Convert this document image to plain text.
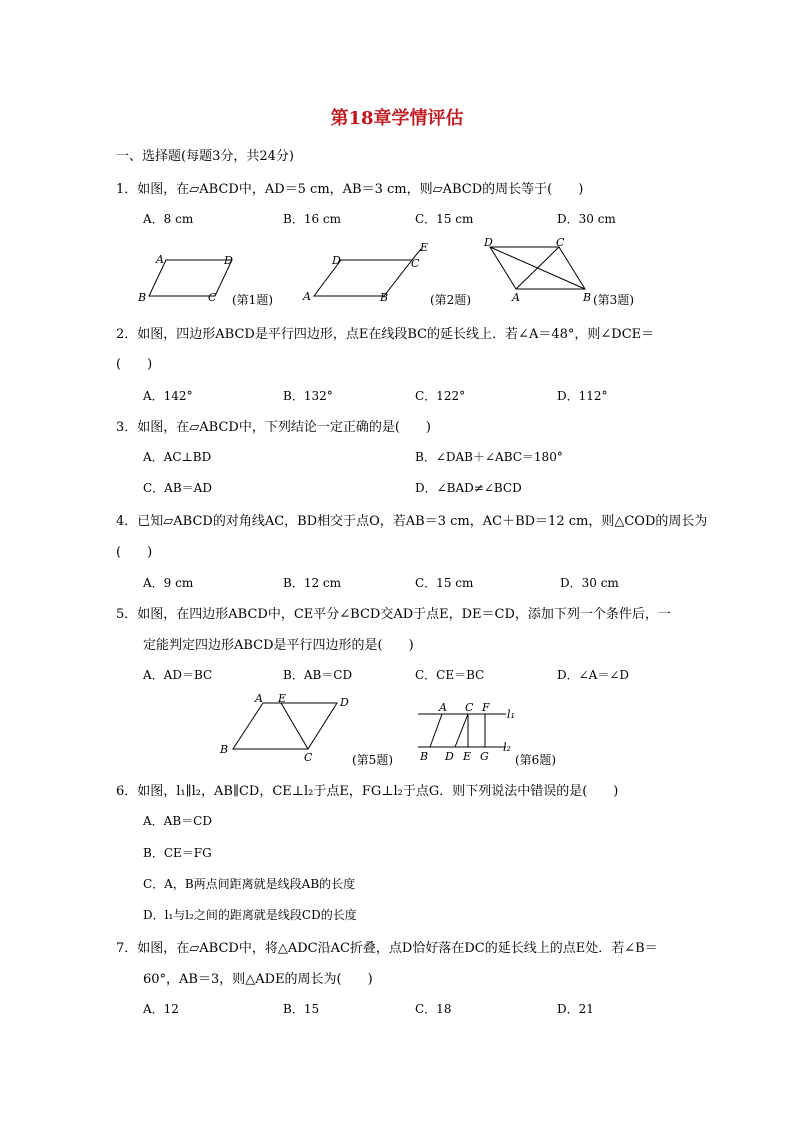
第18章学情评估
一、选择题(每题3分，共24分)
1．如图，在▱ABCD中，AD＝5 cm，AB＝3 cm，则▱ABCD的周长等于(　　)
A．8 cm	B．16 cm	C．15 cm	D．30 cm
A	D
B	C (第1题)
D
E
C
A	B	(第2题)
D	C
A	B (第3题)
2．如图，四边形ABCD是平行四边形，点E在线段BC的延长线上．若∠A＝48°，则∠DCE＝
(　　)
A．142°	B．132°	C．122°	D．112°
3．如图，在▱ABCD中，下列结论一定正确的是(　　)
A．AC⊥BD	B．∠DAB＋∠ABC＝180°
C．AB＝AD	D．∠BAD≠∠BCD
4．已知▱ABCD的对角线AC，BD相交于点O，若AB＝3 cm，AC＋BD＝12 cm，则△COD的周长为
(　　)
A．9 cm	B．12 cm	C．15 cm	D．30 cm
5．如图，在四边形ABCD中，CE平分∠BCD交AD于点E，DE＝CD，添加下列一个条件后，一
定能判定四边形ABCD是平行四边形的是(　　)
A．AD＝BC	B．AB＝CD	C．CE＝BC	D．∠A＝∠D
A E	D
B
C	(第5题)
A C F
B D E G
l₁
l₂
(第6题)
6．如图，l₁∥l₂，AB∥CD，CE⊥l₂于点E，FG⊥l₂于点G．则下列说法中错误的是(　　)
A．AB＝CD
B．CE＝FG
C．A，B两点间距离就是线段AB的长度
D．l₁与l₂之间的距离就是线段CD的长度
7．如图，在▱ABCD中，将△ADC沿AC折叠，点D恰好落在DC的延长线上的点E处．若∠B＝
60°，AB＝3，则△ADE的周长为(　　)
A．12	B．15	C．18	D．21
